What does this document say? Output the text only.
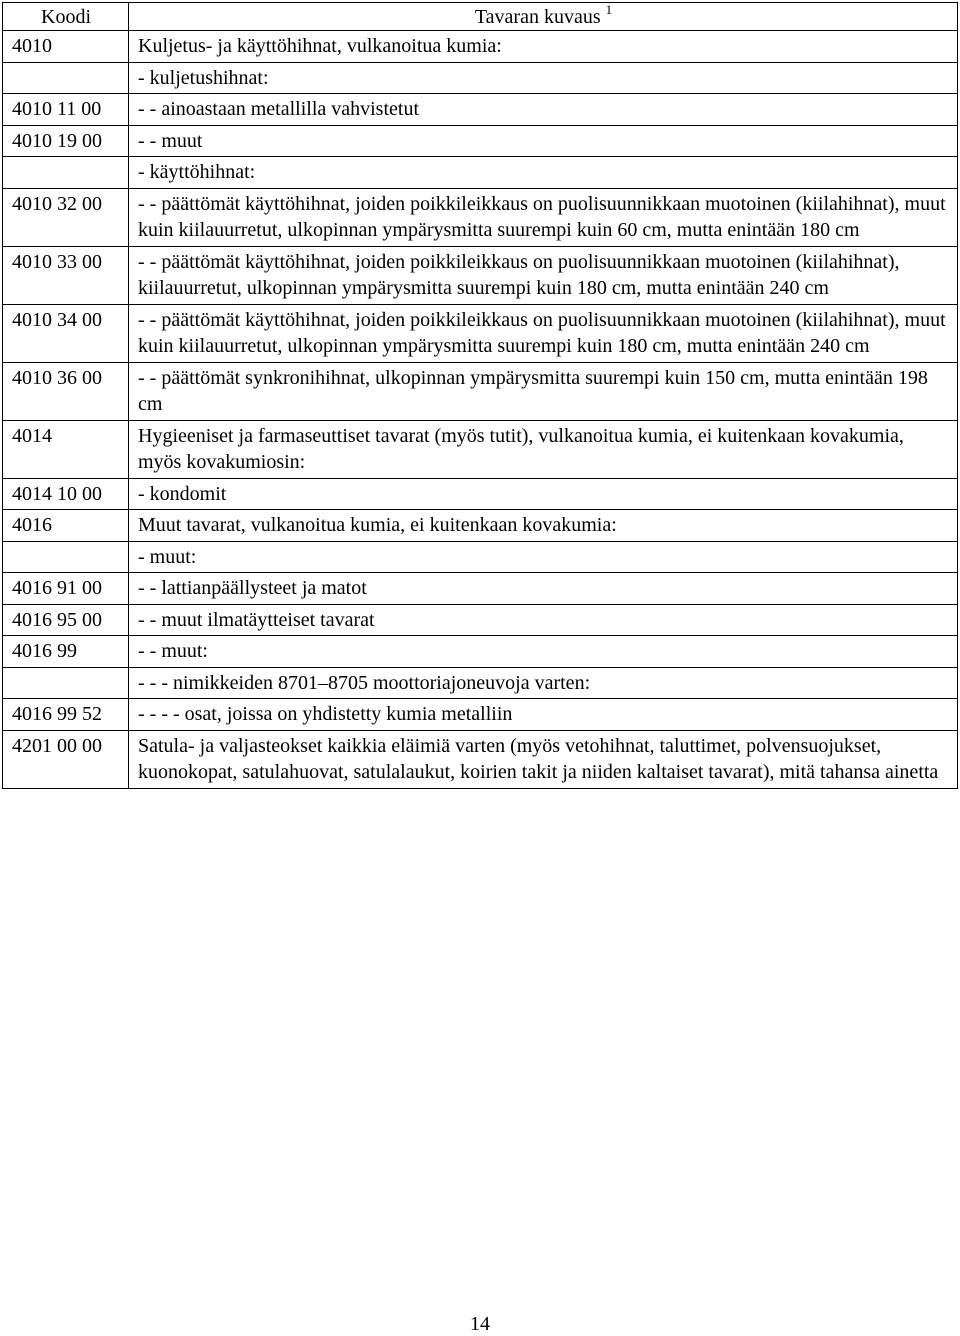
Koodi	Tavaran kuvaus $^1$
4010	Kuljetus- ja käyttöhihnat, vulkanoitua kumia:
	- kuljetushihnat:
4010 11 00	- - ainoastaan metallilla vahvistetut
4010 19 00	- - muut
	- käyttöhihnat:
4010 32 00	- - päättömät käyttöhihnat, joiden poikkileikkaus on puolisuunnikkaan muotoinen (kiilahihnat), muut kuin kiilauurretut, ulkopinnan ympärysmitta suurempi kuin 60 cm, mutta enintään 180 cm
4010 33 00	- - päättömät käyttöhihnat, joiden poikkileikkaus on puolisuunnikkaan muotoinen (kiilahihnat), kiilauurretut, ulkopinnan ympärysmitta suurempi kuin 180 cm, mutta enintään 240 cm
4010 34 00	- - päättömät käyttöhihnat, joiden poikkileikkaus on puolisuunnikkaan muotoinen (kiilahihnat), muut kuin kiilauurretut, ulkopinnan ympärysmitta suurempi kuin 180 cm, mutta enintään 240 cm
4010 36 00	- - päättömät synkronihihnat, ulkopinnan ympärysmitta suurempi kuin 150 cm, mutta enintään 198 cm
4014	Hygieeniset ja farmaseuttiset tavarat (myös tutit), vulkanoitua kumia, ei kuitenkaan kovakumia, myös kovakumiosin:
4014 10 00	- kondomit
4016	Muut tavarat, vulkanoitua kumia, ei kuitenkaan kovakumia:
	- muut:
4016 91 00	- - lattianpäällysteet ja matot
4016 95 00	- - muut ilmatäytteiset tavarat
4016 99	- - muut:
	- - - nimikkeiden 8701–8705 moottoriajoneuvoja varten:
4016 99 52	- - - - osat, joissa on yhdistetty kumia metalliin
4201 00 00	Satula- ja valjasteokset kaikkia eläimiä varten (myös vetohihnat, taluttimet, polvensuojukset, kuonokopat, satulahuovat, satulalaukut, koirien takit ja niiden kaltaiset tavarat), mitä tahansa ainetta
14
